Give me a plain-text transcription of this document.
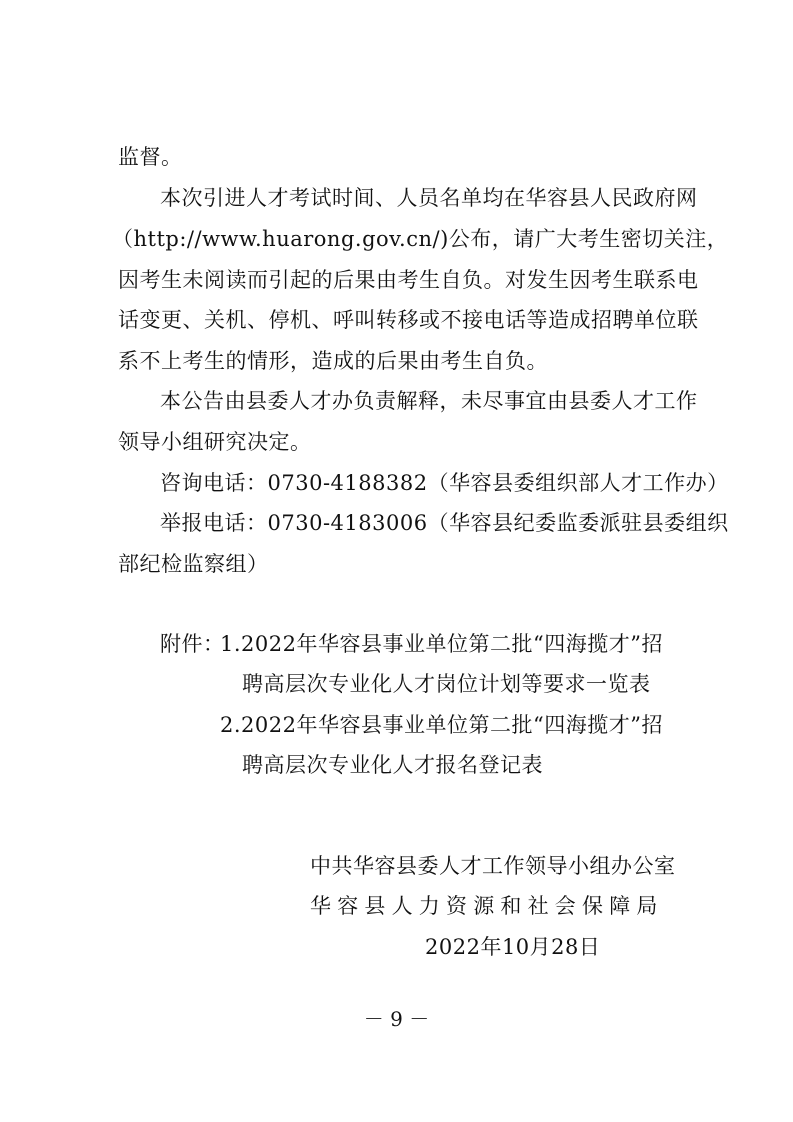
监督。
本次引进人才考试时间、人员名单均在华容县人民政府网
（http://www.huarong.gov.cn/)公布，请广大考生密切关注，
因考生未阅读而引起的后果由考生自负。对发生因考生联系电
话变更、关机、停机、呼叫转移或不接电话等造成招聘单位联
系不上考生的情形，造成的后果由考生自负。
本公告由县委人才办负责解释，未尽事宜由县委人才工作
领导小组研究决定。
咨询电话：0730-4188382（华容县委组织部人才工作办）
举报电话：0730-4183006（华容县纪委监委派驻县委组织
部纪检监察组）
附件：
1.2022年华容县事业单位第二批“四海揽才”招
聘高层次专业化人才岗位计划等要求一览表
2.2022年华容县事业单位第二批“四海揽才”招
聘高层次专业化人才报名登记表
中共华容县委人才工作领导小组办公室
华容县人力资源和社会保障局
2022年10月28日
－ 9 －
